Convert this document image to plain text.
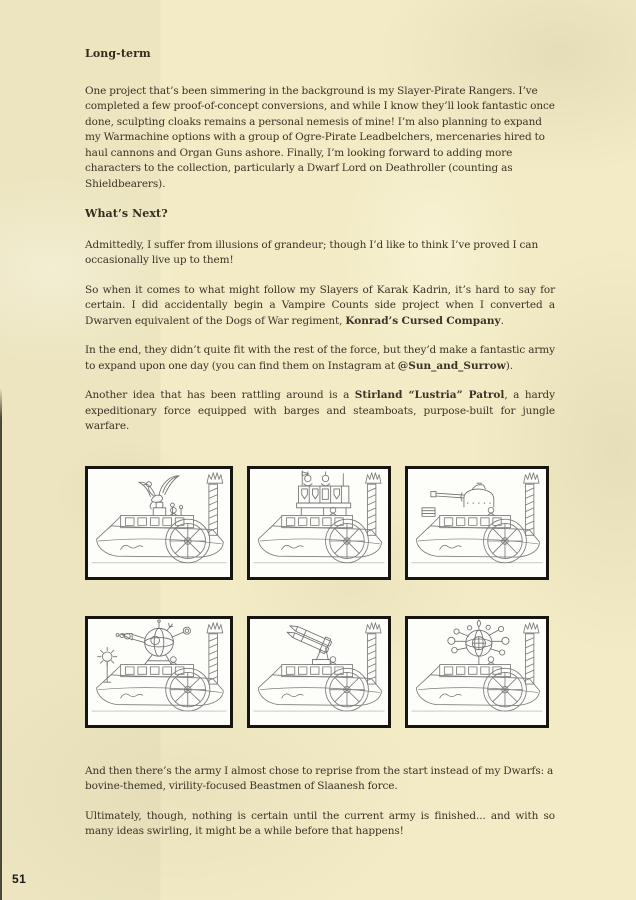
Long-term

One project that’s been simmering in the background is my Slayer-Pirate Rangers. I’ve completed a few proof-of-concept conversions, and while I know they’ll look fantastic once done, sculpting cloaks remains a personal nemesis of mine! I’m also planning to expand my Warmachine options with a group of Ogre-Pirate Leadbelchers, mercenaries hired to haul cannons and Organ Guns ashore. Finally, I’m looking forward to adding more characters to the collection, particularly a Dwarf Lord on Deathroller (counting as Shieldbearers).

What’s Next?

Admittedly, I suffer from illusions of grandeur; though I’d like to think I’ve proved I can occasionally live up to them!

So when it comes to what might follow my Slayers of Karak Kadrin, it’s hard to say for certain. I did accidentally begin a Vampire Counts side project when I converted a Dwarven equivalent of the Dogs of War regiment, Konrad’s Cursed Company.

In the end, they didn’t quite fit with the rest of the force, but they’d make a fantastic army to expand upon one day (you can find them on Instagram at @Sun_and_Surrow).

Another idea that has been rattling around is a Stirland “Lustria” Patrol, a hardy expeditionary force equipped with barges and steamboats, purpose-built for jungle warfare.

And then there’s the army I almost chose to reprise from the start instead of my Dwarfs: a bovine-themed, virility-focused Beastmen of Slaanesh force.

Ultimately, though, nothing is certain until the current army is finished... and with so many ideas swirling, it might be a while before that happens!

51
